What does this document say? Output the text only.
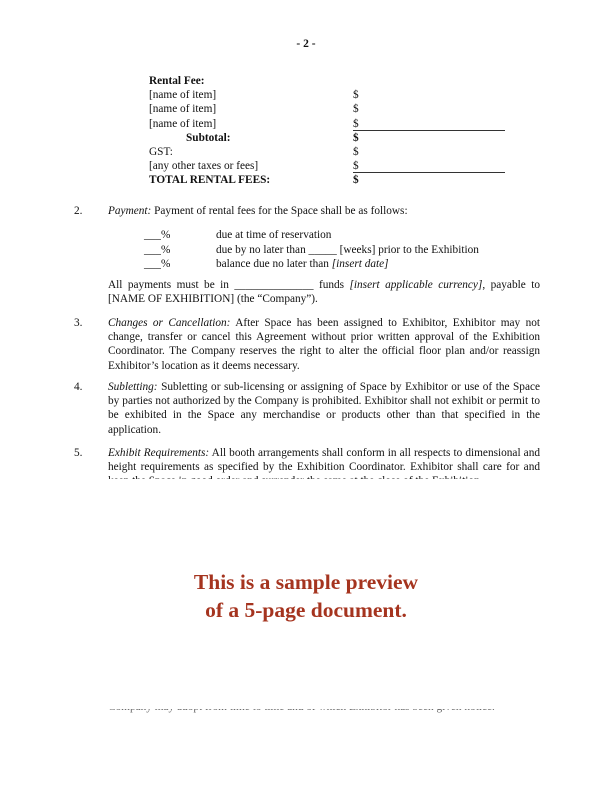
- 2 -
Rental Fee:
[name of item]	$
[name of item]	$
[name of item]	$
Subtotal:	$
GST:	$
[any other taxes or fees]	$
TOTAL RENTAL FEES:	$
2. Payment: Payment of rental fees for the Space shall be as follows:
___%	due at time of reservation
___%	due by no later than _____ [weeks] prior to the Exhibition
___%	balance due no later than [insert date]
All payments must be in ______________ funds [insert applicable currency], payable to [NAME OF EXHIBITION] (the “Company”).
3. Changes or Cancellation: After Space has been assigned to Exhibitor, Exhibitor may not change, transfer or cancel this Agreement without prior written approval of the Exhibition Coordinator. The Company reserves the right to alter the official floor plan and/or reassign Exhibitor’s location as it deems necessary.
4. Subletting: Subletting or sub-licensing or assigning of Space by Exhibitor or use of the Space by parties not authorized by the Company is prohibited. Exhibitor shall not exhibit or permit to be exhibited in the Space any merchandise or products other than that specified in the application.
5. Exhibit Requirements: All booth arrangements shall conform in all respects to dimensional and height requirements as specified by the Exhibition Coordinator. Exhibitor shall care for and
This is a sample preview
of a 5-page document.
